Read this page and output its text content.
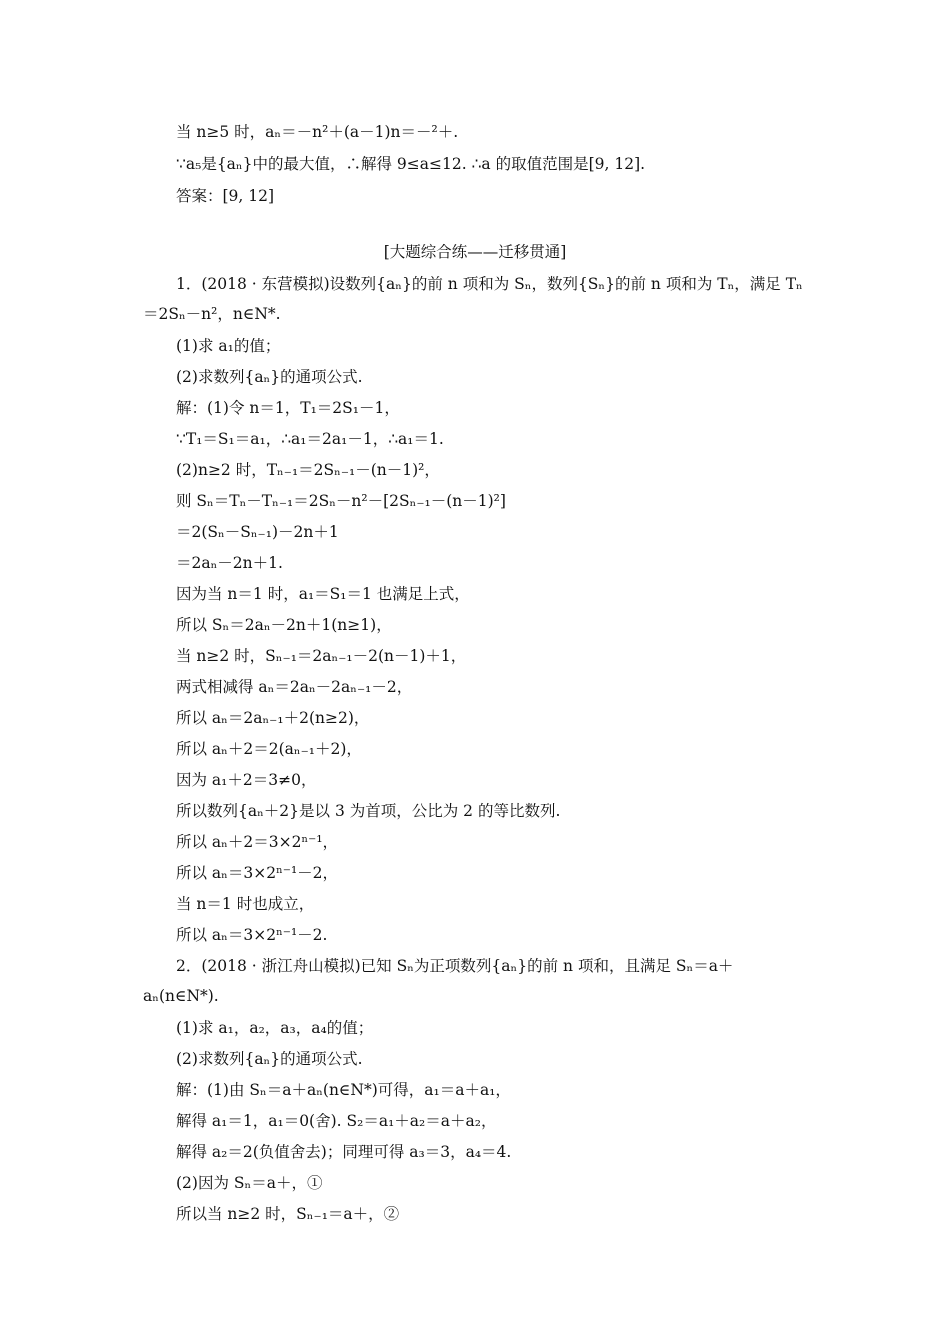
当 n≥5 时，aₙ＝－n²＋(a－1)n＝－²＋.
∵a₅是{aₙ}中的最大值，∴解得 9≤a≤12. ∴a 的取值范围是[9, 12].
答案：[9, 12]
[大题综合练——迁移贯通]
1．(2018 · 东营模拟)设数列{aₙ}的前 n 项和为 Sₙ，数列{Sₙ}的前 n 项和为 Tₙ，满足 Tₙ
＝2Sₙ－n²，n∈N*.
(1)求 a₁的值；
(2)求数列{aₙ}的通项公式.
解：(1)令 n＝1，T₁＝2S₁－1，
∵T₁＝S₁＝a₁，∴a₁＝2a₁－1，∴a₁＝1.
(2)n≥2 时，Tₙ₋₁＝2Sₙ₋₁－(n－1)²，
则 Sₙ＝Tₙ－Tₙ₋₁＝2Sₙ－n²－[2Sₙ₋₁－(n－1)²]
＝2(Sₙ－Sₙ₋₁)－2n＋1
＝2aₙ－2n＋1.
因为当 n＝1 时，a₁＝S₁＝1 也满足上式，
所以 Sₙ＝2aₙ－2n＋1(n≥1)，
当 n≥2 时，Sₙ₋₁＝2aₙ₋₁－2(n－1)＋1，
两式相减得 aₙ＝2aₙ－2aₙ₋₁－2，
所以 aₙ＝2aₙ₋₁＋2(n≥2)，
所以 aₙ＋2＝2(aₙ₋₁＋2)，
因为 a₁＋2＝3≠0，
所以数列{aₙ＋2}是以 3 为首项，公比为 2 的等比数列.
所以 aₙ＋2＝3×2ⁿ⁻¹，
所以 aₙ＝3×2ⁿ⁻¹－2，
当 n＝1 时也成立，
所以 aₙ＝3×2ⁿ⁻¹－2.
2．(2018 · 浙江舟山模拟)已知 Sₙ为正项数列{aₙ}的前 n 项和，且满足 Sₙ＝a＋
aₙ(n∈N*).
(1)求 a₁，a₂，a₃，a₄的值；
(2)求数列{aₙ}的通项公式.
解：(1)由 Sₙ＝a＋aₙ(n∈N*)可得，a₁＝a＋a₁，
解得 a₁＝1，a₁＝0(舍). S₂＝a₁＋a₂＝a＋a₂，
解得 a₂＝2(负值舍去)；同理可得 a₃＝3，a₄＝4.
(2)因为 Sₙ＝a＋，①
所以当 n≥2 时，Sₙ₋₁＝a＋，②
